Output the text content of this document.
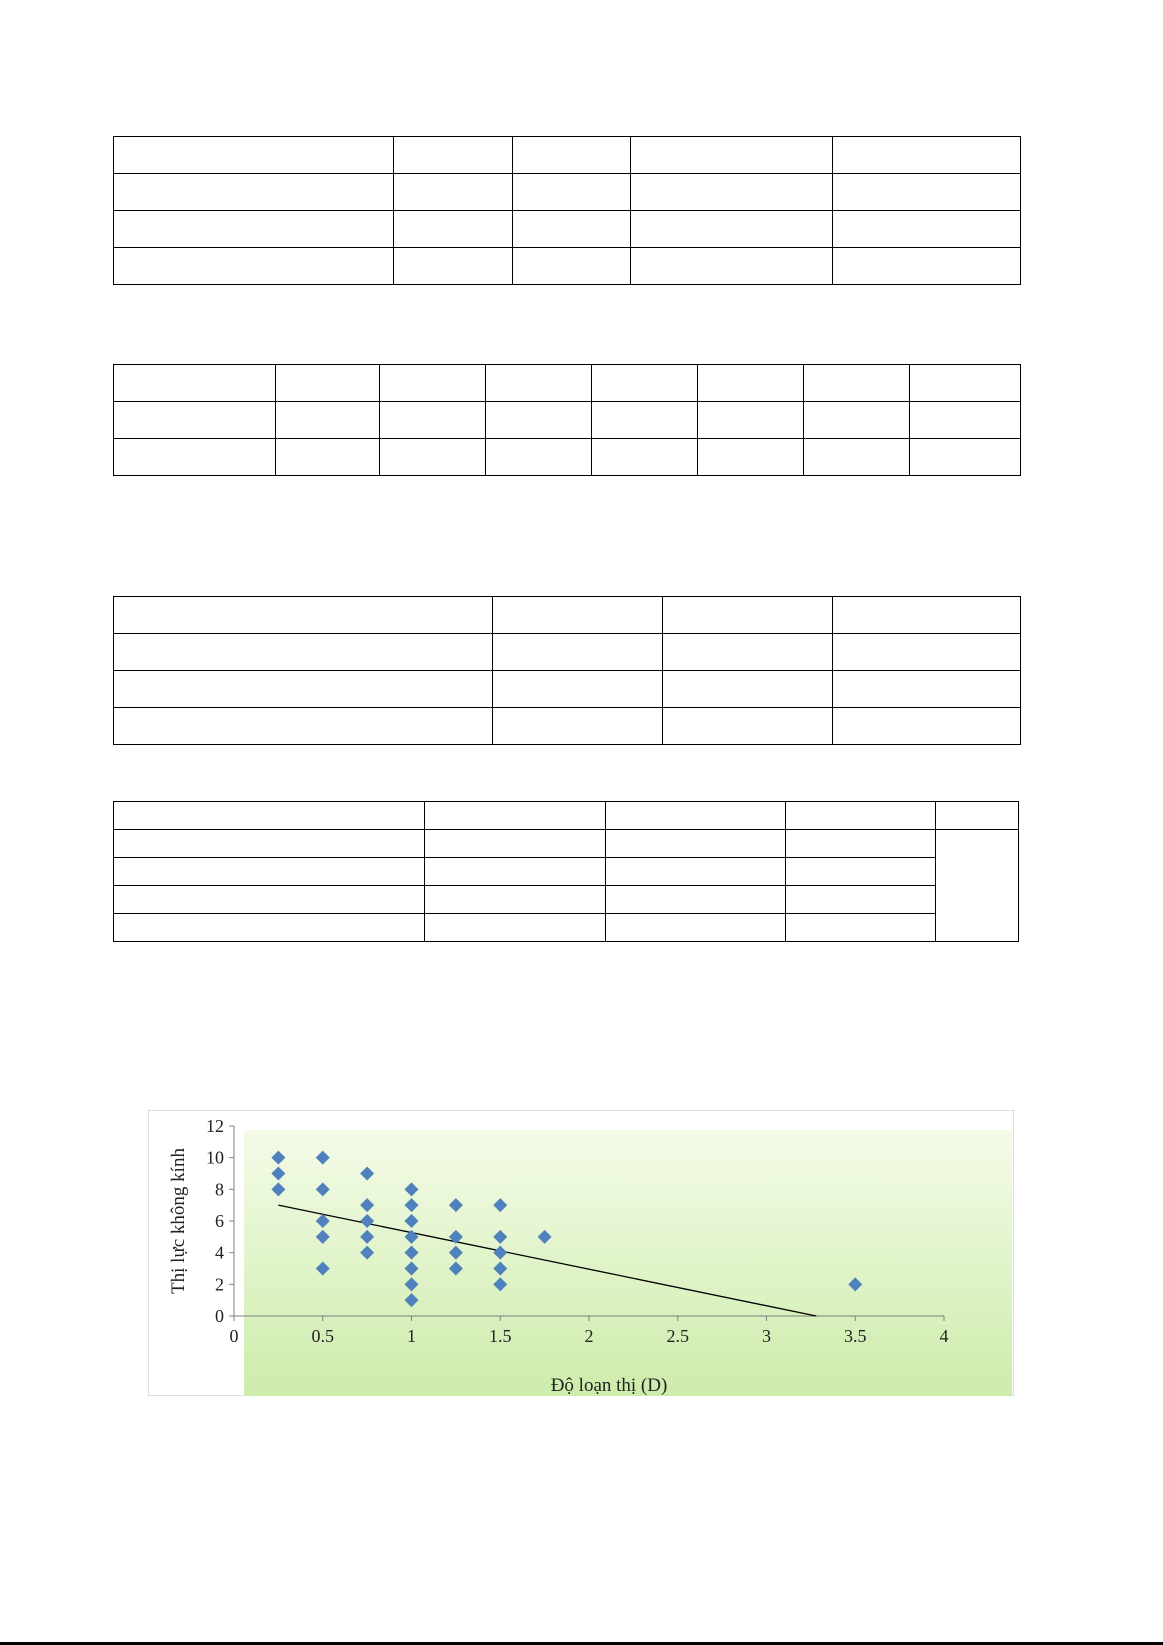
0	0.5	1	1.5	2	2.5	3	3.5	4
0
2
4
6
8
10
12
Độ loạn thị (D)
Thị lực không kính
